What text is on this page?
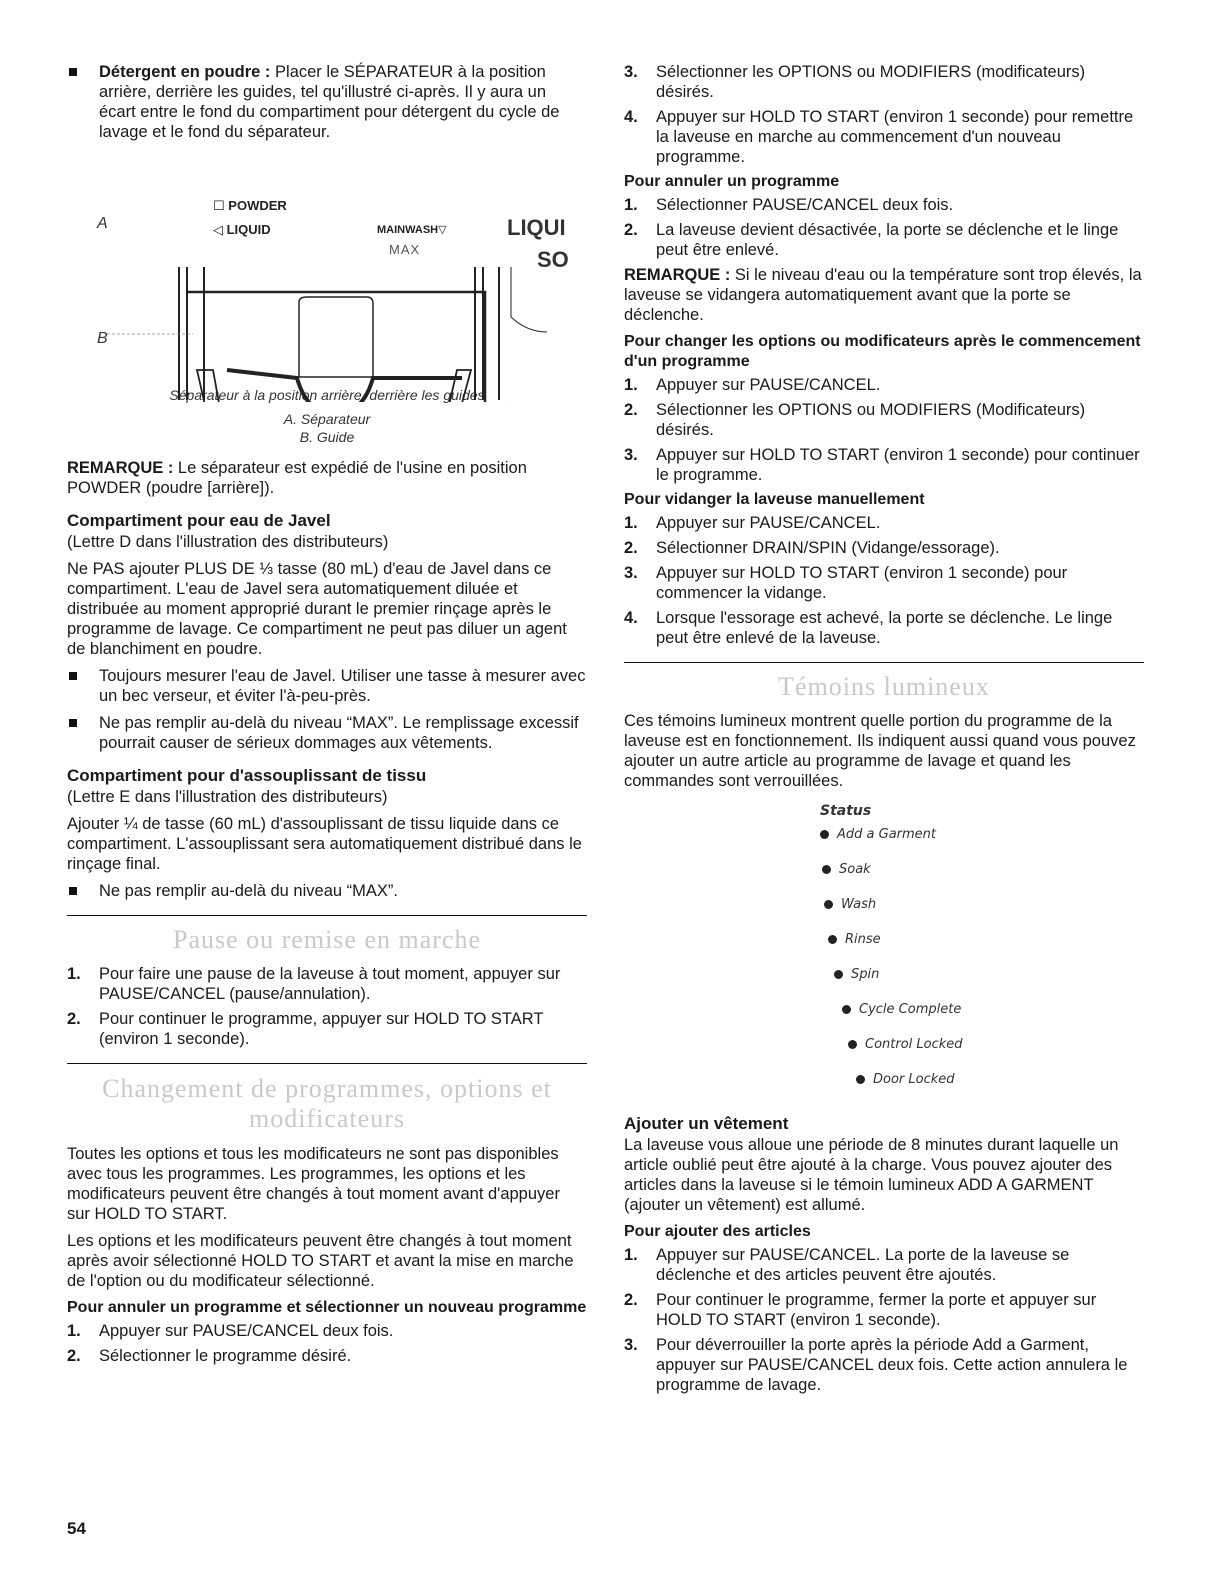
Détergent en poudre : Placer le SÉPARATEUR à la position arrière, derrière les guides, tel qu'illustré ci-après. Il y aura un écart entre le fond du compartiment pour détergent du cycle de lavage et le fond du séparateur.
A
B
☐ POWDER
◁ LIQUID	MAINWASH▽
MAX
LIQUI
SO
Séparateur à la position arrière, derrière les guides
A. Séparateur
B. Guide

REMARQUE : Le séparateur est expédié de l'usine en position POWDER (poudre [arrière]).

Compartiment pour eau de Javel

(Lettre D dans l'illustration des distributeurs)

Ne PAS ajouter PLUS DE ⅓ tasse (80 mL) d'eau de Javel dans ce compartiment. L'eau de Javel sera automatiquement diluée et distribuée au moment approprié durant le premier rinçage après le programme de lavage. Ce compartiment ne peut pas diluer un agent de blanchiment en poudre.

Toujours mesurer l'eau de Javel. Utiliser une tasse à mesurer avec un bec verseur, et éviter l'à-peu-près.
Ne pas remplir au-delà du niveau “MAX”. Le remplissage excessif pourrait causer de sérieux dommages aux vêtements.
Compartiment pour d'assouplissant de tissu

(Lettre E dans l'illustration des distributeurs)

Ajouter ¼ de tasse (60 mL) d'assouplissant de tissu liquide dans ce compartiment. L'assouplissant sera automatiquement distribué dans le rinçage final.

Ne pas remplir au-delà du niveau “MAX”.
Pause ou remise en marche
1. Pour faire une pause de la laveuse à tout moment, appuyer sur PAUSE/CANCEL (pause/annulation).
2. Pour continuer le programme, appuyer sur HOLD TO START (environ 1 seconde).
Changement de programmes, options et
modificateurs

Toutes les options et tous les modificateurs ne sont pas disponibles avec tous les programmes. Les programmes, les options et les modificateurs peuvent être changés à tout moment avant d'appuyer sur HOLD TO START.

Les options et les modificateurs peuvent être changés à tout moment après avoir sélectionné HOLD TO START et avant la mise en marche de l'option ou du modificateur sélectionné.

Pour annuler un programme et sélectionner un nouveau programme
1. Appuyer sur PAUSE/CANCEL deux fois.
2. Sélectionner le programme désiré.
3. Sélectionner les OPTIONS ou MODIFIERS (modificateurs) désirés.
4. Appuyer sur HOLD TO START (environ 1 seconde) pour remettre la laveuse en marche au commencement d'un nouveau programme.
Pour annuler un programme
1. Sélectionner PAUSE/CANCEL deux fois.
2. La laveuse devient désactivée, la porte se déclenche et le linge peut être enlevé.

REMARQUE : Si le niveau d'eau ou la température sont trop élevés, la laveuse se vidangera automatiquement avant que la porte se déclenche.

Pour changer les options ou modificateurs après le commencement d'un programme
1. Appuyer sur PAUSE/CANCEL.
2. Sélectionner les OPTIONS ou MODIFIERS (Modificateurs) désirés.
3. Appuyer sur HOLD TO START (environ 1 seconde) pour continuer le programme.
Pour vidanger la laveuse manuellement
1. Appuyer sur PAUSE/CANCEL.
2. Sélectionner DRAIN/SPIN (Vidange/essorage).
3. Appuyer sur HOLD TO START (environ 1 seconde) pour commencer la vidange.
4. Lorsque l'essorage est achevé, la porte se déclenche. Le linge peut être enlevé de la laveuse.
Témoins lumineux

Ces témoins lumineux montrent quelle portion du programme de la laveuse est en fonctionnement. Ils indiquent aussi quand vous pouvez ajouter un autre article au programme de lavage et quand les commandes sont verrouillées.

Status
Add a Garment
Soak
Wash
Rinse
Spin
Cycle Complete
Control Locked
Door Locked
Ajouter un vêtement

La laveuse vous alloue une période de 8 minutes durant laquelle un article oublié peut être ajouté à la charge. Vous pouvez ajouter des articles dans la laveuse si le témoin lumineux ADD A GARMENT (ajouter un vêtement) est allumé.

Pour ajouter des articles
1. Appuyer sur PAUSE/CANCEL. La porte de la laveuse se déclenche et des articles peuvent être ajoutés.
2. Pour continuer le programme, fermer la porte et appuyer sur HOLD TO START (environ 1 seconde).
3. Pour déverrouiller la porte après la période Add a Garment, appuyer sur PAUSE/CANCEL deux fois. Cette action annulera le programme de lavage.
54
